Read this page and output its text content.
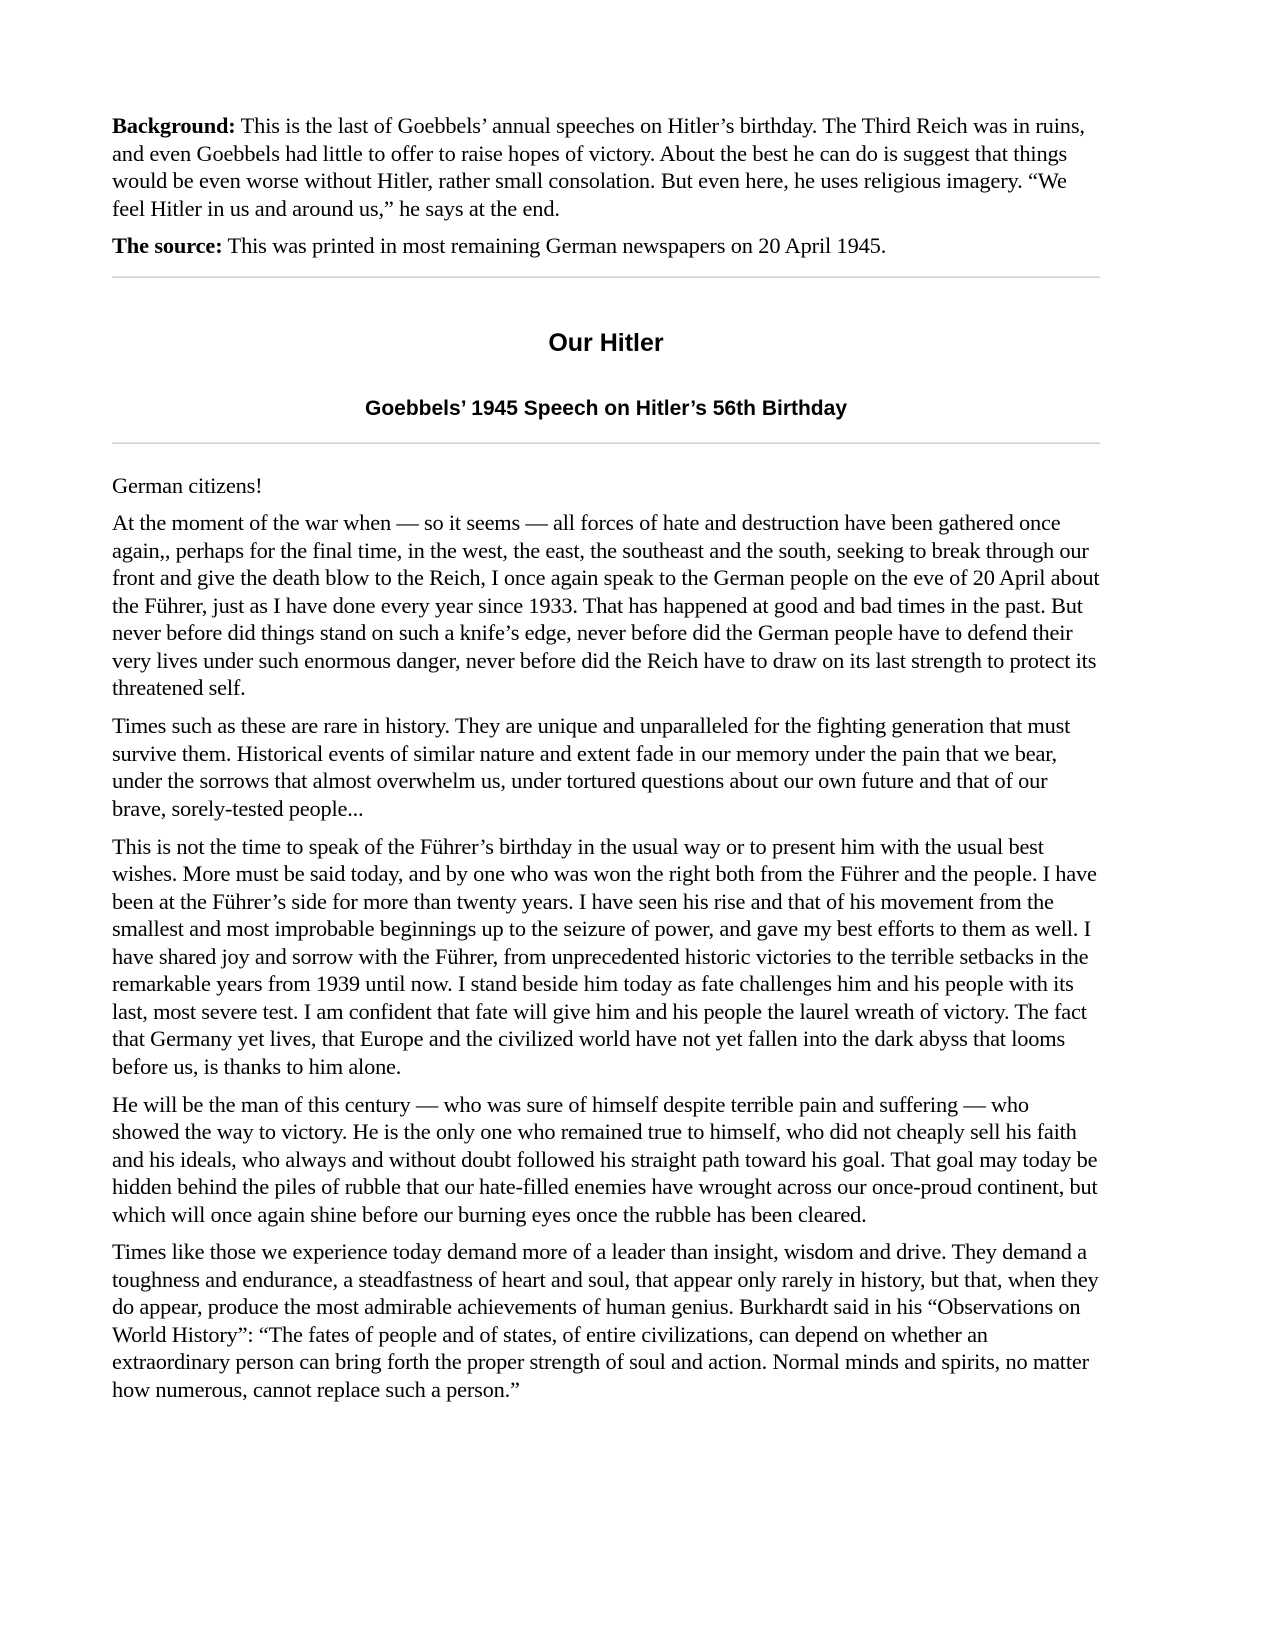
Background: This is the last of Goebbels’ annual speeches on Hitler’s birthday. The Third Reich was in ruins, and even Goebbels had little to offer to raise hopes of victory. About the best he can do is suggest that things would be even worse without Hitler, rather small consolation. But even here, he uses religious imagery. “We feel Hitler in us and around us,” he says at the end.

The source: This was printed in most remaining German newspapers on 20 April 1945.

Our Hitler
Goebbels’ 1945 Speech on Hitler’s 56th Birthday

German citizens!

At the moment of the war when — so it seems — all forces of hate and destruction have been gathered once again,, perhaps for the final time, in the west, the east, the southeast and the south, seeking to break through our front and give the death blow to the Reich, I once again speak to the German people on the eve of 20 April about the Führer, just as I have done every year since 1933. That has happened at good and bad times in the past. But never before did things stand on such a knife’s edge, never before did the German people have to defend their very lives under such enormous danger, never before did the Reich have to draw on its last strength to protect its threatened self.

Times such as these are rare in history. They are unique and unparalleled for the fighting generation that must survive them. Historical events of similar nature and extent fade in our memory under the pain that we bear, under the sorrows that almost overwhelm us, under tortured questions about our own future and that of our brave, sorely-tested people...

This is not the time to speak of the Führer’s birthday in the usual way or to present him with the usual best wishes. More must be said today, and by one who was won the right both from the Führer and the people. I have been at the Führer’s side for more than twenty years. I have seen his rise and that of his movement from the smallest and most improbable beginnings up to the seizure of power, and gave my best efforts to them as well. I have shared joy and sorrow with the Führer, from unprecedented historic victories to the terrible setbacks in the remarkable years from 1939 until now. I stand beside him today as fate challenges him and his people with its last, most severe test. I am confident that fate will give him and his people the laurel wreath of victory. The fact that Germany yet lives, that Europe and the civilized world have not yet fallen into the dark abyss that looms before us, is thanks to him alone.

He will be the man of this century — who was sure of himself despite terrible pain and suffering — who showed the way to victory. He is the only one who remained true to himself, who did not cheaply sell his faith and his ideals, who always and without doubt followed his straight path toward his goal. That goal may today be hidden behind the piles of rubble that our hate-filled enemies have wrought across our once-proud continent, but which will once again shine before our burning eyes once the rubble has been cleared.

Times like those we experience today demand more of a leader than insight, wisdom and drive. They demand a toughness and endurance, a steadfastness of heart and soul, that appear only rarely in history, but that, when they do appear, produce the most admirable achievements of human genius. Burkhardt said in his “Observations on World History”: “The fates of people and of states, of entire civilizations, can depend on whether an extraordinary person can bring forth the proper strength of soul and action. Normal minds and spirits, no matter how numerous, cannot replace such a person.”
